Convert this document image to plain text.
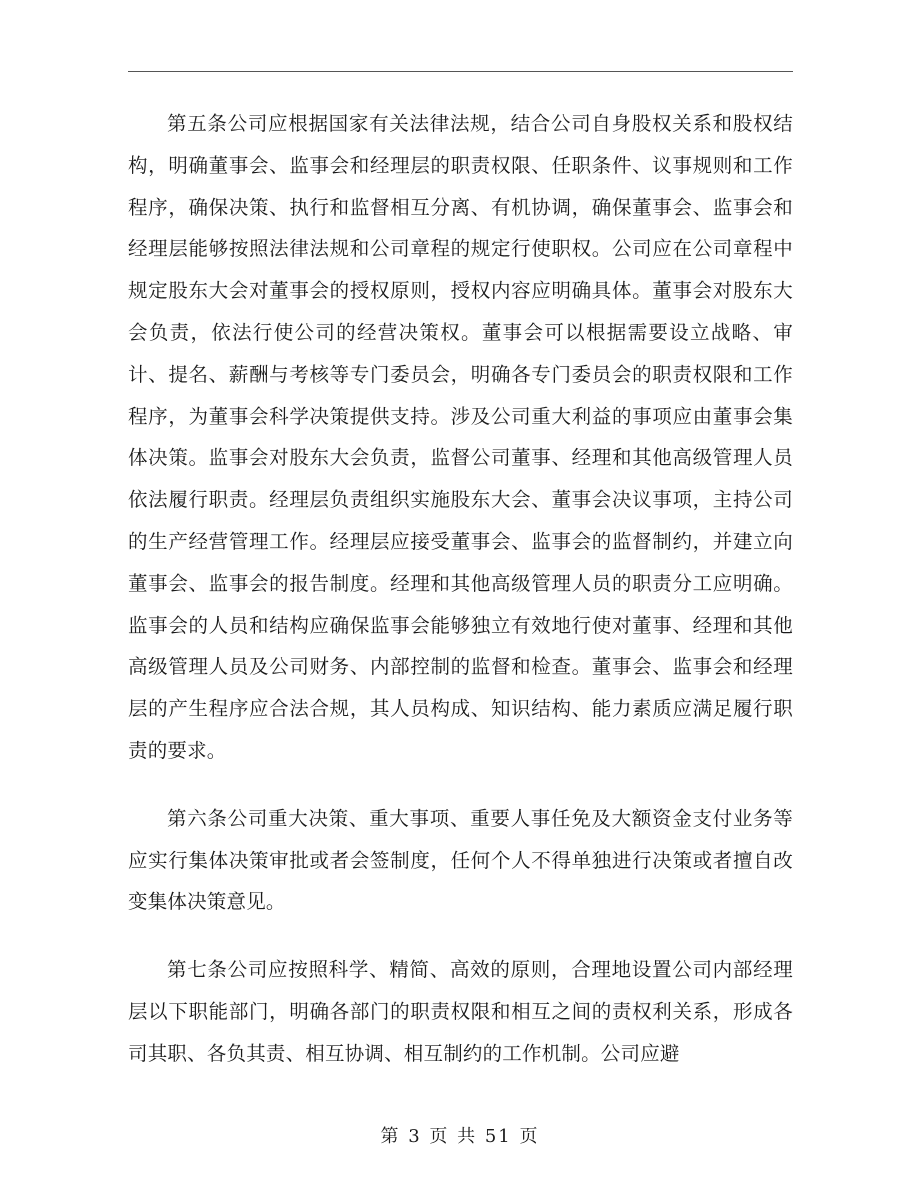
第五条公司应根据国家有关法律法规，结合公司自身股权关系和股权结构，明确董事会、监事会和经理层的职责权限、任职条件、议事规则和工作程序，确保决策、执行和监督相互分离、有机协调，确保董事会、监事会和经理层能够按照法律法规和公司章程的规定行使职权。公司应在公司章程中规定股东大会对董事会的授权原则，授权内容应明确具体。董事会对股东大会负责，依法行使公司的经营决策权。董事会可以根据需要设立战略、审计、提名、薪酬与考核等专门委员会，明确各专门委员会的职责权限和工作程序，为董事会科学决策提供支持。涉及公司重大利益的事项应由董事会集体决策。监事会对股东大会负责，监督公司董事、经理和其他高级管理人员依法履行职责。经理层负责组织实施股东大会、董事会决议事项，主持公司的生产经营管理工作。经理层应接受董事会、监事会的监督制约，并建立向董事会、监事会的报告制度。经理和其他高级管理人员的职责分工应明确。监事会的人员和结构应确保监事会能够独立有效地行使对董事、经理和其他高级管理人员及公司财务、内部控制的监督和检查。董事会、监事会和经理层的产生程序应合法合规，其人员构成、知识结构、能力素质应满足履行职责的要求。

第六条公司重大决策、重大事项、重要人事任免及大额资金支付业务等应实行集体决策审批或者会签制度，任何个人不得单独进行决策或者擅自改变集体决策意见。

第七条公司应按照科学、精简、高效的原则，合理地设置公司内部经理层以下职能部门，明确各部门的职责权限和相互之间的责权利关系，形成各司其职、各负其责、相互协调、相互制约的工作机制。公司应避

第 3 页 共 51 页
